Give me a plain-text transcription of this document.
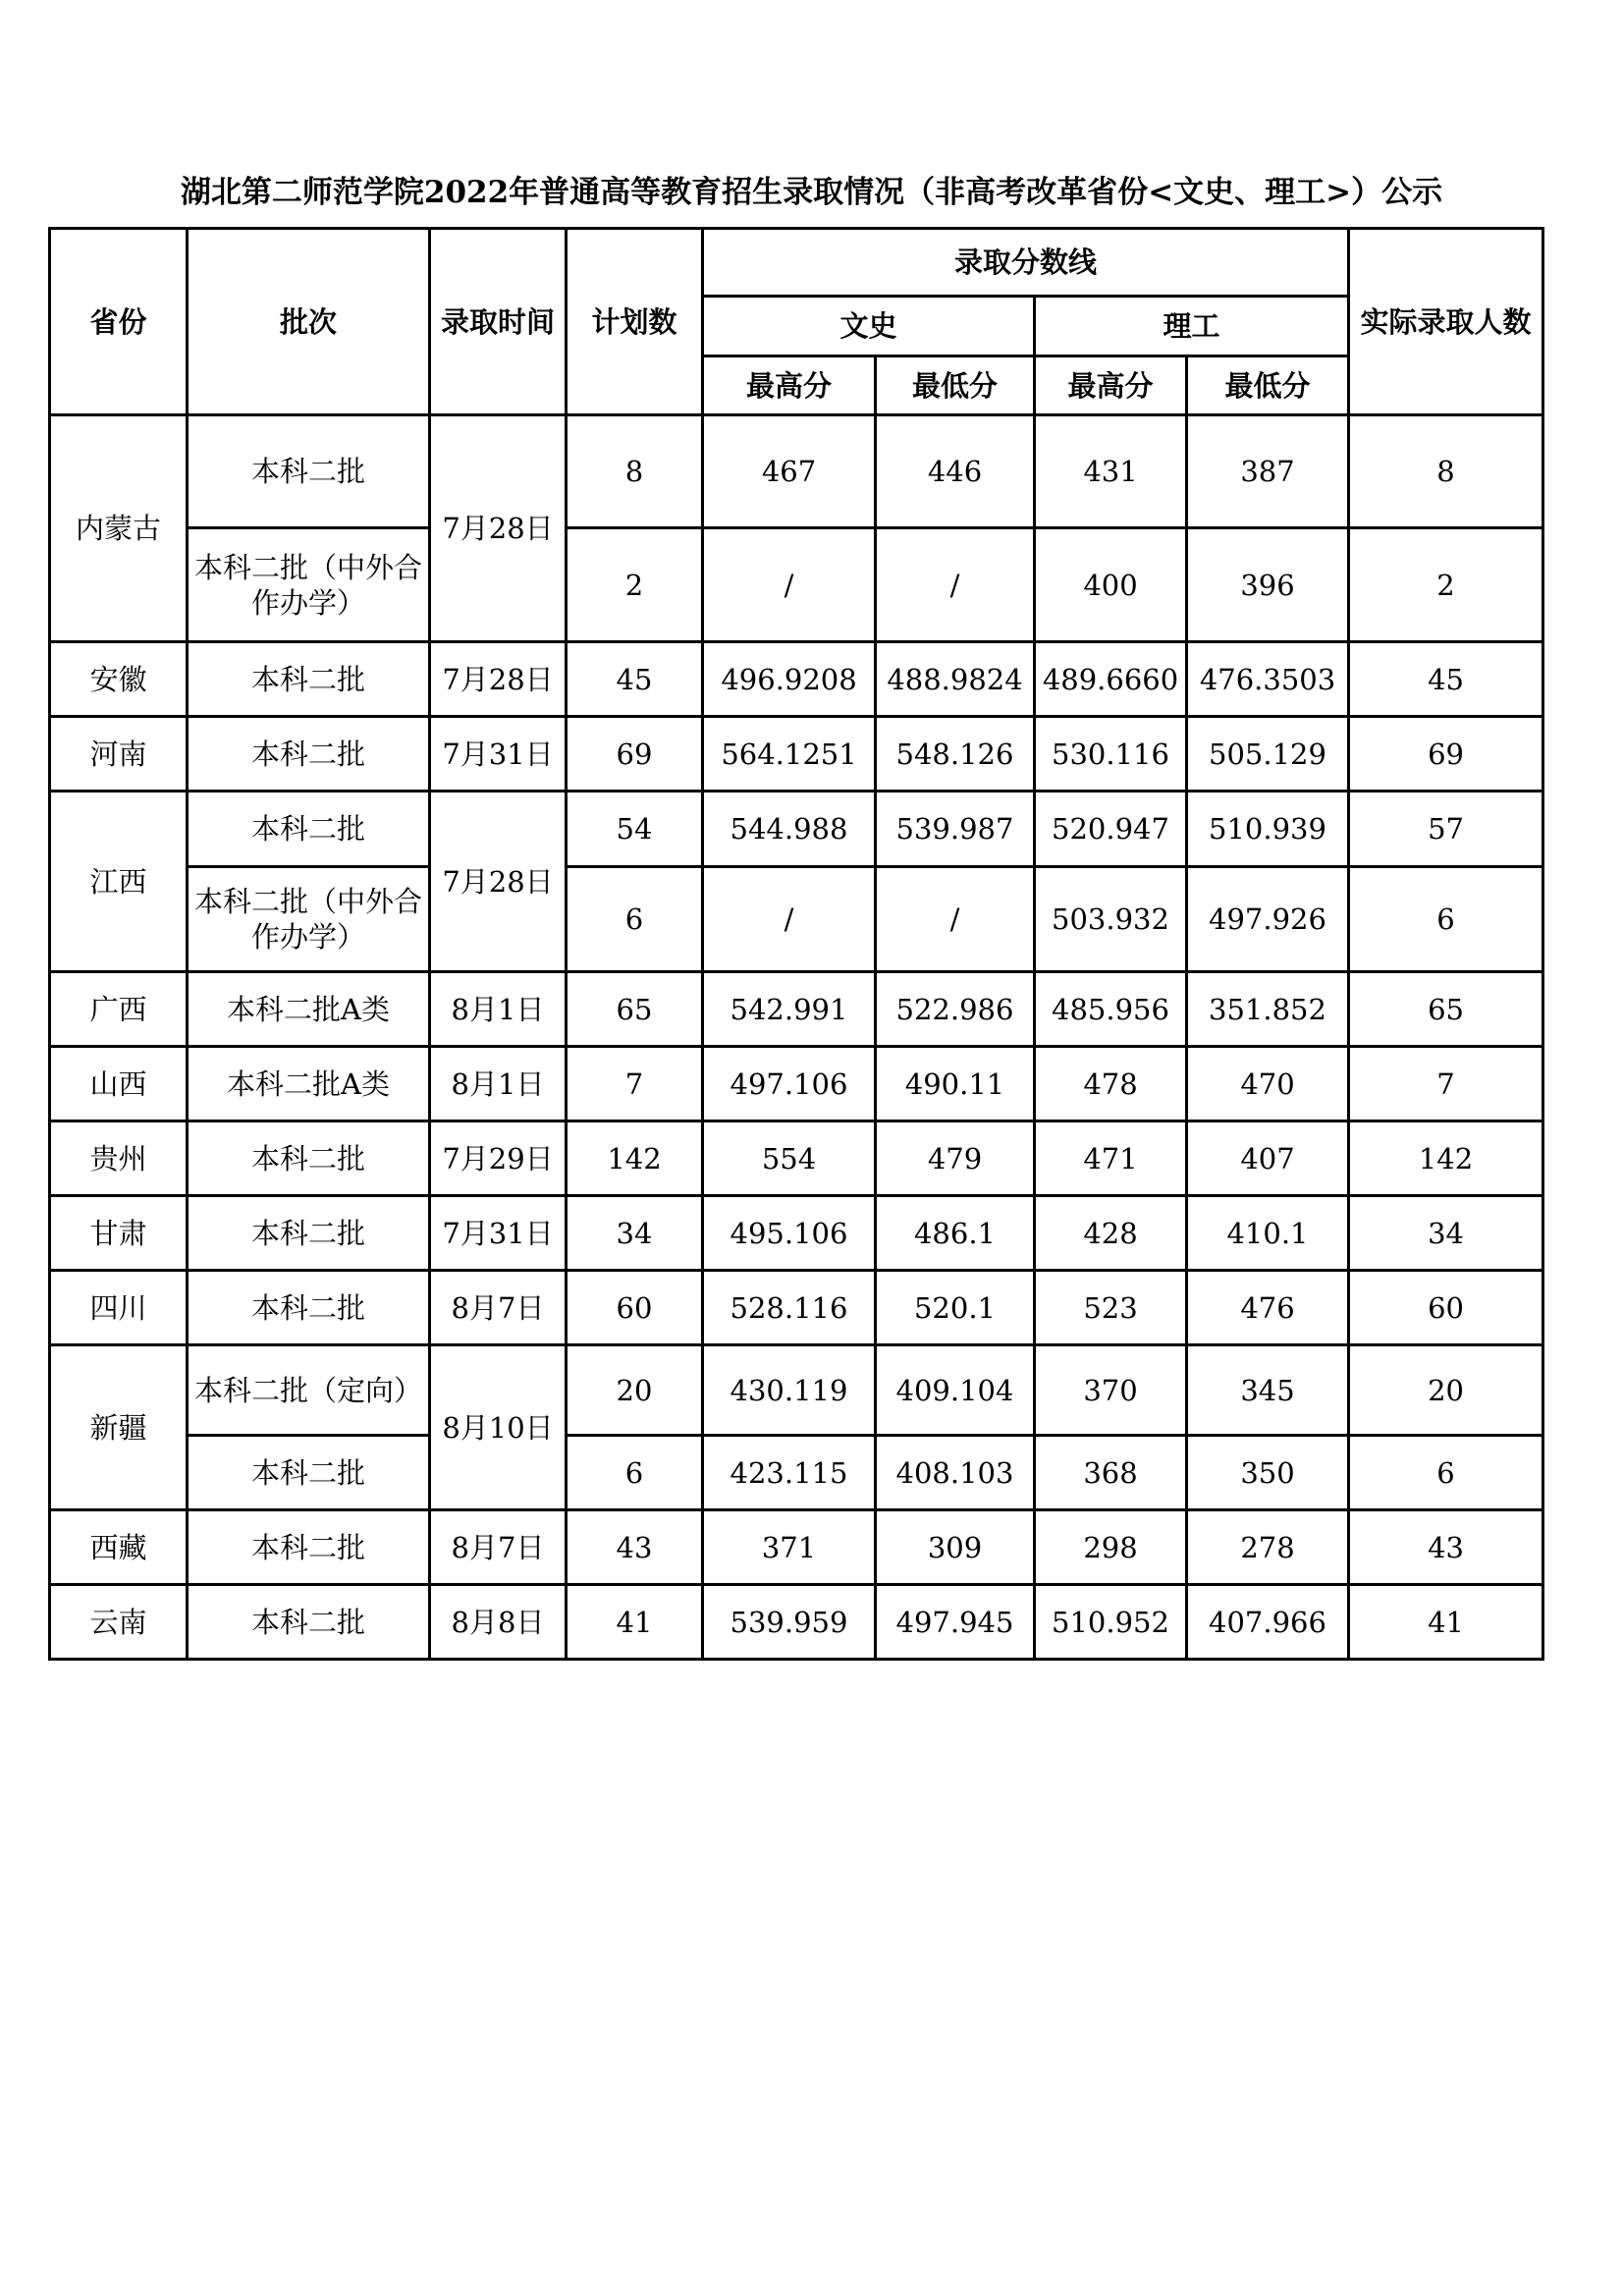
湖北第二师范学院2022年普通高等教育招生录取情况（非高考改革省份<文史、理工>）公示
省份	批次	录取时间	计划数	录取分数线				实际录取人数
				文史		理工		
				最高分	最低分	最高分	最低分	
内蒙古	本科二批	7月28日	8	467	446	431	387	8
	本科二批（中外合作办学）		2	/	/	400	396	2
安徽	本科二批	7月28日	45	496.9208	488.9824	489.6660	476.3503	45
河南	本科二批	7月31日	69	564.1251	548.126	530.116	505.129	69
江西	本科二批	7月28日	54	544.988	539.987	520.947	510.939	57
	本科二批（中外合作办学）		6	/	/	503.932	497.926	6
广西	本科二批A类	8月1日	65	542.991	522.986	485.956	351.852	65
山西	本科二批A类	8月1日	7	497.106	490.11	478	470	7
贵州	本科二批	7月29日	142	554	479	471	407	142
甘肃	本科二批	7月31日	34	495.106	486.1	428	410.1	34
四川	本科二批	8月7日	60	528.116	520.1	523	476	60
新疆	本科二批（定向）	8月10日	20	430.119	409.104	370	345	20
	本科二批		6	423.115	408.103	368	350	6
西藏	本科二批	8月7日	43	371	309	298	278	43
云南	本科二批	8月8日	41	539.959	497.945	510.952	407.966	41
